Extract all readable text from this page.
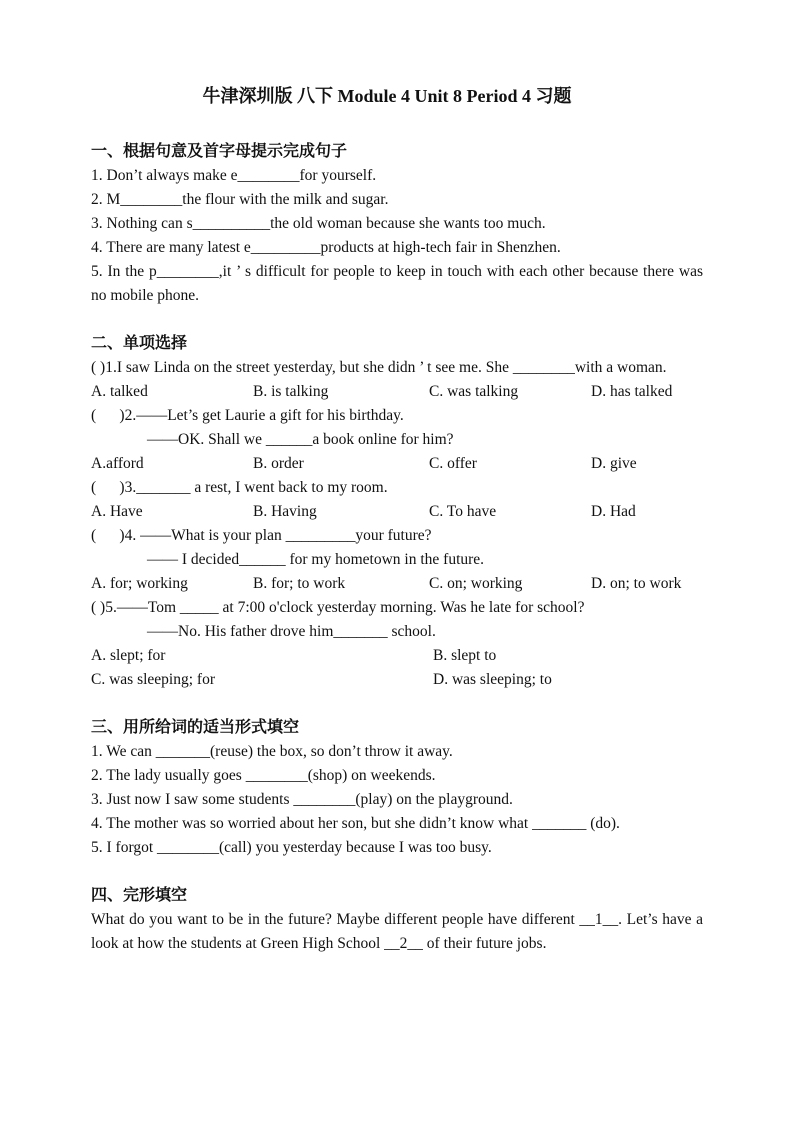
牛津深圳版 八下 Module 4 Unit 8 Period 4 习题
一、根据句意及首字母提示完成句子
1. Don’t always make e________for yourself.
2. M________the flour with the milk and sugar.
3. Nothing can s__________the old woman because she wants too much.
4. There are many latest e_________products at high-tech fair in Shenzhen.
5. In the p________,it ’ s difficult for people to keep in touch with each other because there was no mobile phone.
二、单项选择
( )1.I saw Linda on the street yesterday, but she didn ’ t see me. She ________with a woman.
A. talked	B. is talking	C. was talking	D. has talked
(      )2.——Let’s get Laurie a gift for his birthday.
——OK. Shall we ______a book online for him?
A.afford	B. order	C. offer	D. give
(      )3._______ a rest, I went back to my room.
A. Have	B. Having	C. To have	D. Had
(      )4. ——What is your plan _________your future?
—— I decided______ for my hometown in the future.
A. for; working	B. for; to work	C. on; working	D. on; to work
( )5.——Tom _____ at 7:00 o'clock yesterday morning. Was he late for school?
——No. His father drove him_______ school.
A. slept; for	B. slept to
C. was sleeping; for	D. was sleeping; to
三、用所给词的适当形式填空
1. We can _______(reuse) the box, so don’t throw it away.
2. The lady usually goes ________(shop) on weekends.
3. Just now I saw some students ________(play) on the playground.
4. The mother was so worried about her son, but she didn’t know what _______ (do).
5. I forgot ________(call) you yesterday because I was too busy.
四、完形填空
What do you want to be in the future? Maybe different people have different __1__. Let’s have a look at how the students at Green High School __2__ of their future jobs.
